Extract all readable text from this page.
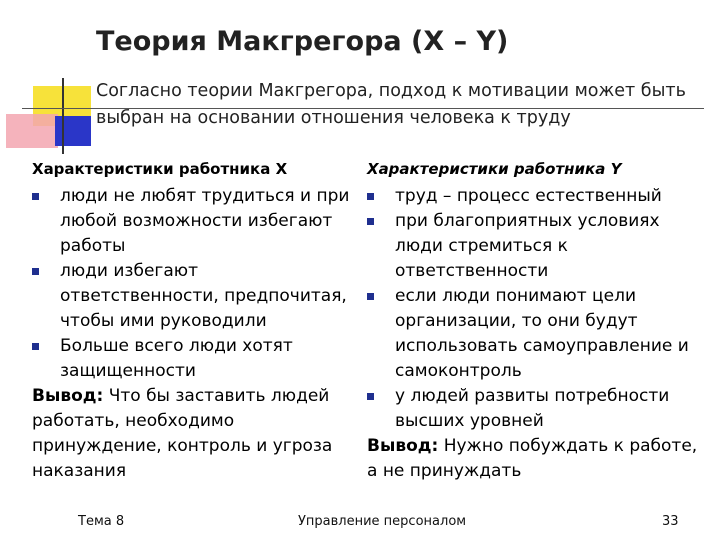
Теория Макгрегора (X – Y)
Согласно теории Макгрегора, подход к мотивации может быть выбран на основании отношения человека к труду
Характеристики работника X
люди не любят трудиться и при любой возможности избегают работы
люди избегают ответственности, предпочитая, чтобы ими руководили
Больше всего люди хотят защищенности
Вывод: Что бы заставить людей работать, необходимо принуждение, контроль и угроза наказания
Характеристики работника Y
труд – процесс естественный
при благоприятных условиях люди стремиться к ответственности
если люди понимают цели организации, то они будут использовать самоуправление и самоконтроль
у людей развиты потребности высших уровней
Вывод: Нужно побуждать к работе, а не принуждать
Тема 8	Управление персоналом	33
